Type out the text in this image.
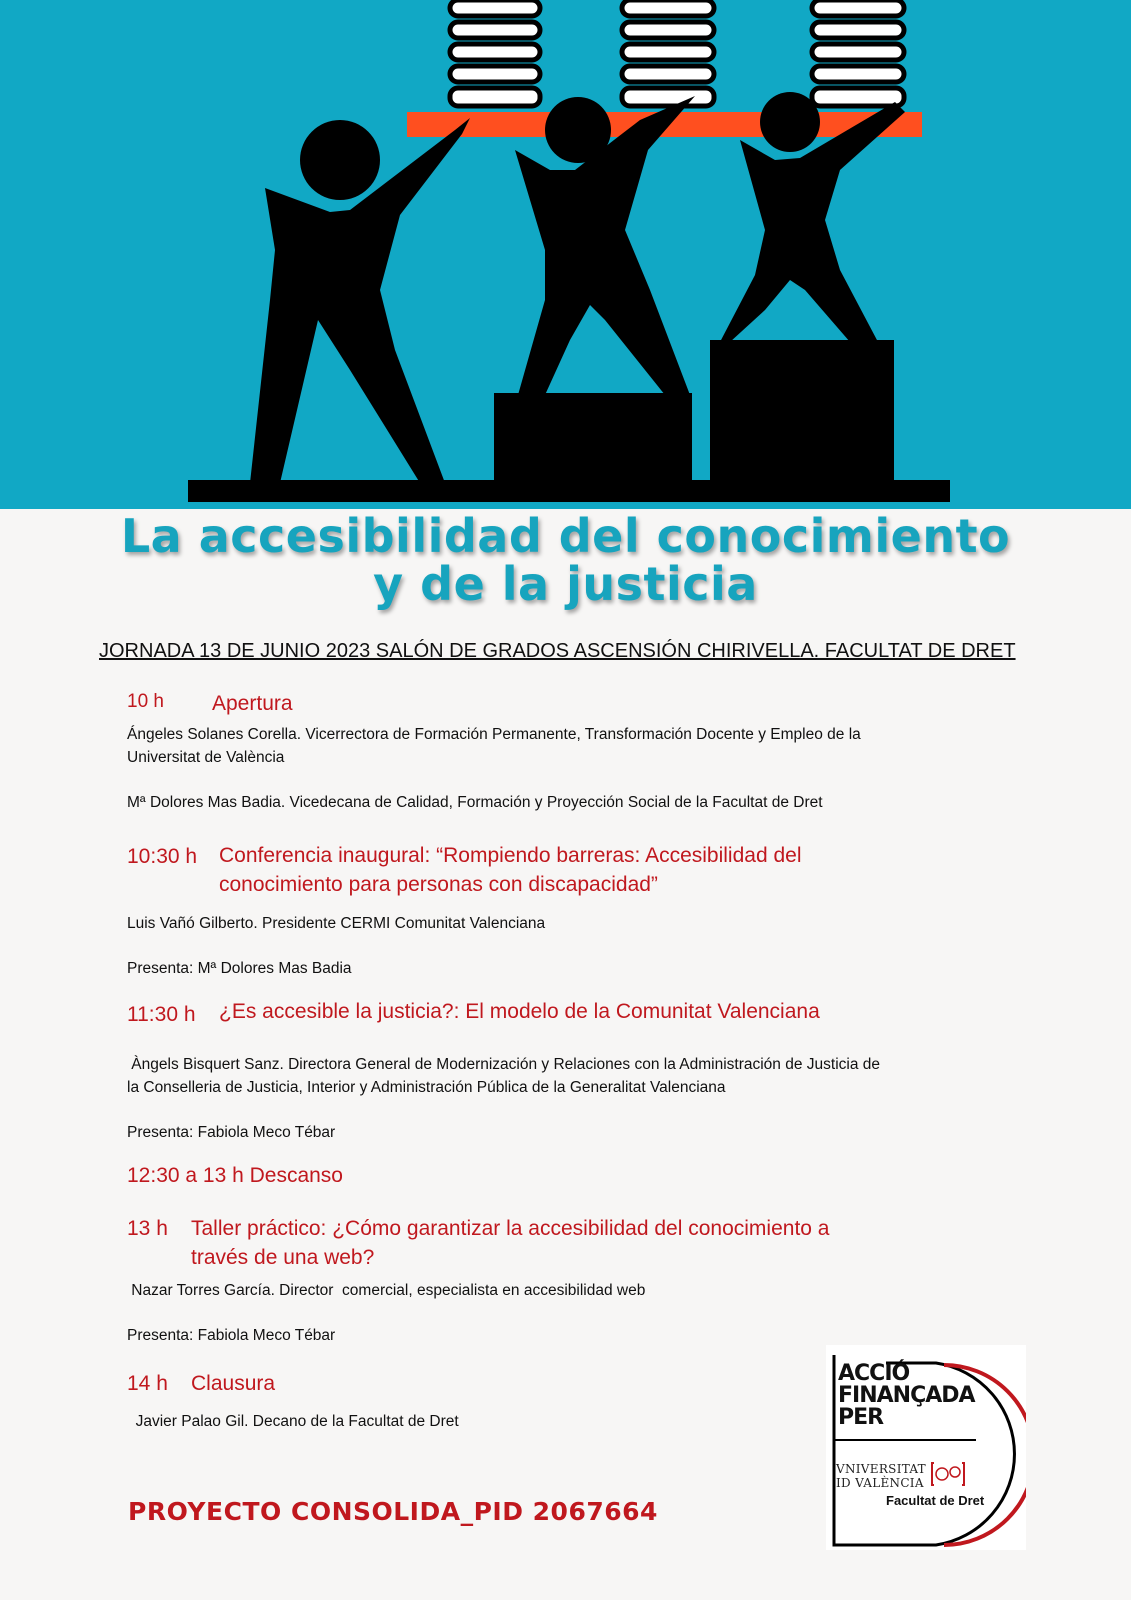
La accesibilidad del conocimiento
y de la justicia
JORNADA 13 DE JUNIO 2023 SALÓN DE GRADOS ASCENSIÓN CHIRIVELLA. FACULTAT DE DRET
10 h Apertura
Ángeles Solanes Corella. Vicerrectora de Formación Permanente, Transformación Docente y Empleo de la
Universitat de València
Mª Dolores Mas Badia. Vicedecana de Calidad, Formación y Proyección Social de la Facultat de Dret
10:30 h Conferencia inaugural: “Rompiendo barreras: Accesibilidad del
conocimiento para personas con discapacidad”
Luis Vañó Gilberto. Presidente CERMI Comunitat Valenciana
Presenta: Mª Dolores Mas Badia
11:30 h ¿Es accesible la justicia?: El modelo de la Comunitat Valenciana
Àngels Bisquert Sanz. Directora General de Modernización y Relaciones con la Administración de Justicia de
la Conselleria de Justicia, Interior y Administración Pública de la Generalitat Valenciana
Presenta: Fabiola Meco Tébar
12:30 a 13 h Descanso
13 h Taller práctico: ¿Cómo garantizar la accesibilidad del conocimiento a
través de una web?
Nazar Torres García. Director  comercial, especialista en accesibilidad web
Presenta: Fabiola Meco Tébar
14 h Clausura
Javier Palao Gil. Decano de la Facultat de Dret
PROYECTO CONSOLIDA_PID 2067664
ACCIÓ
FINANÇADA
PER
VNIVERSITAT
ID VALÈNCIA
Facultat de Dret
